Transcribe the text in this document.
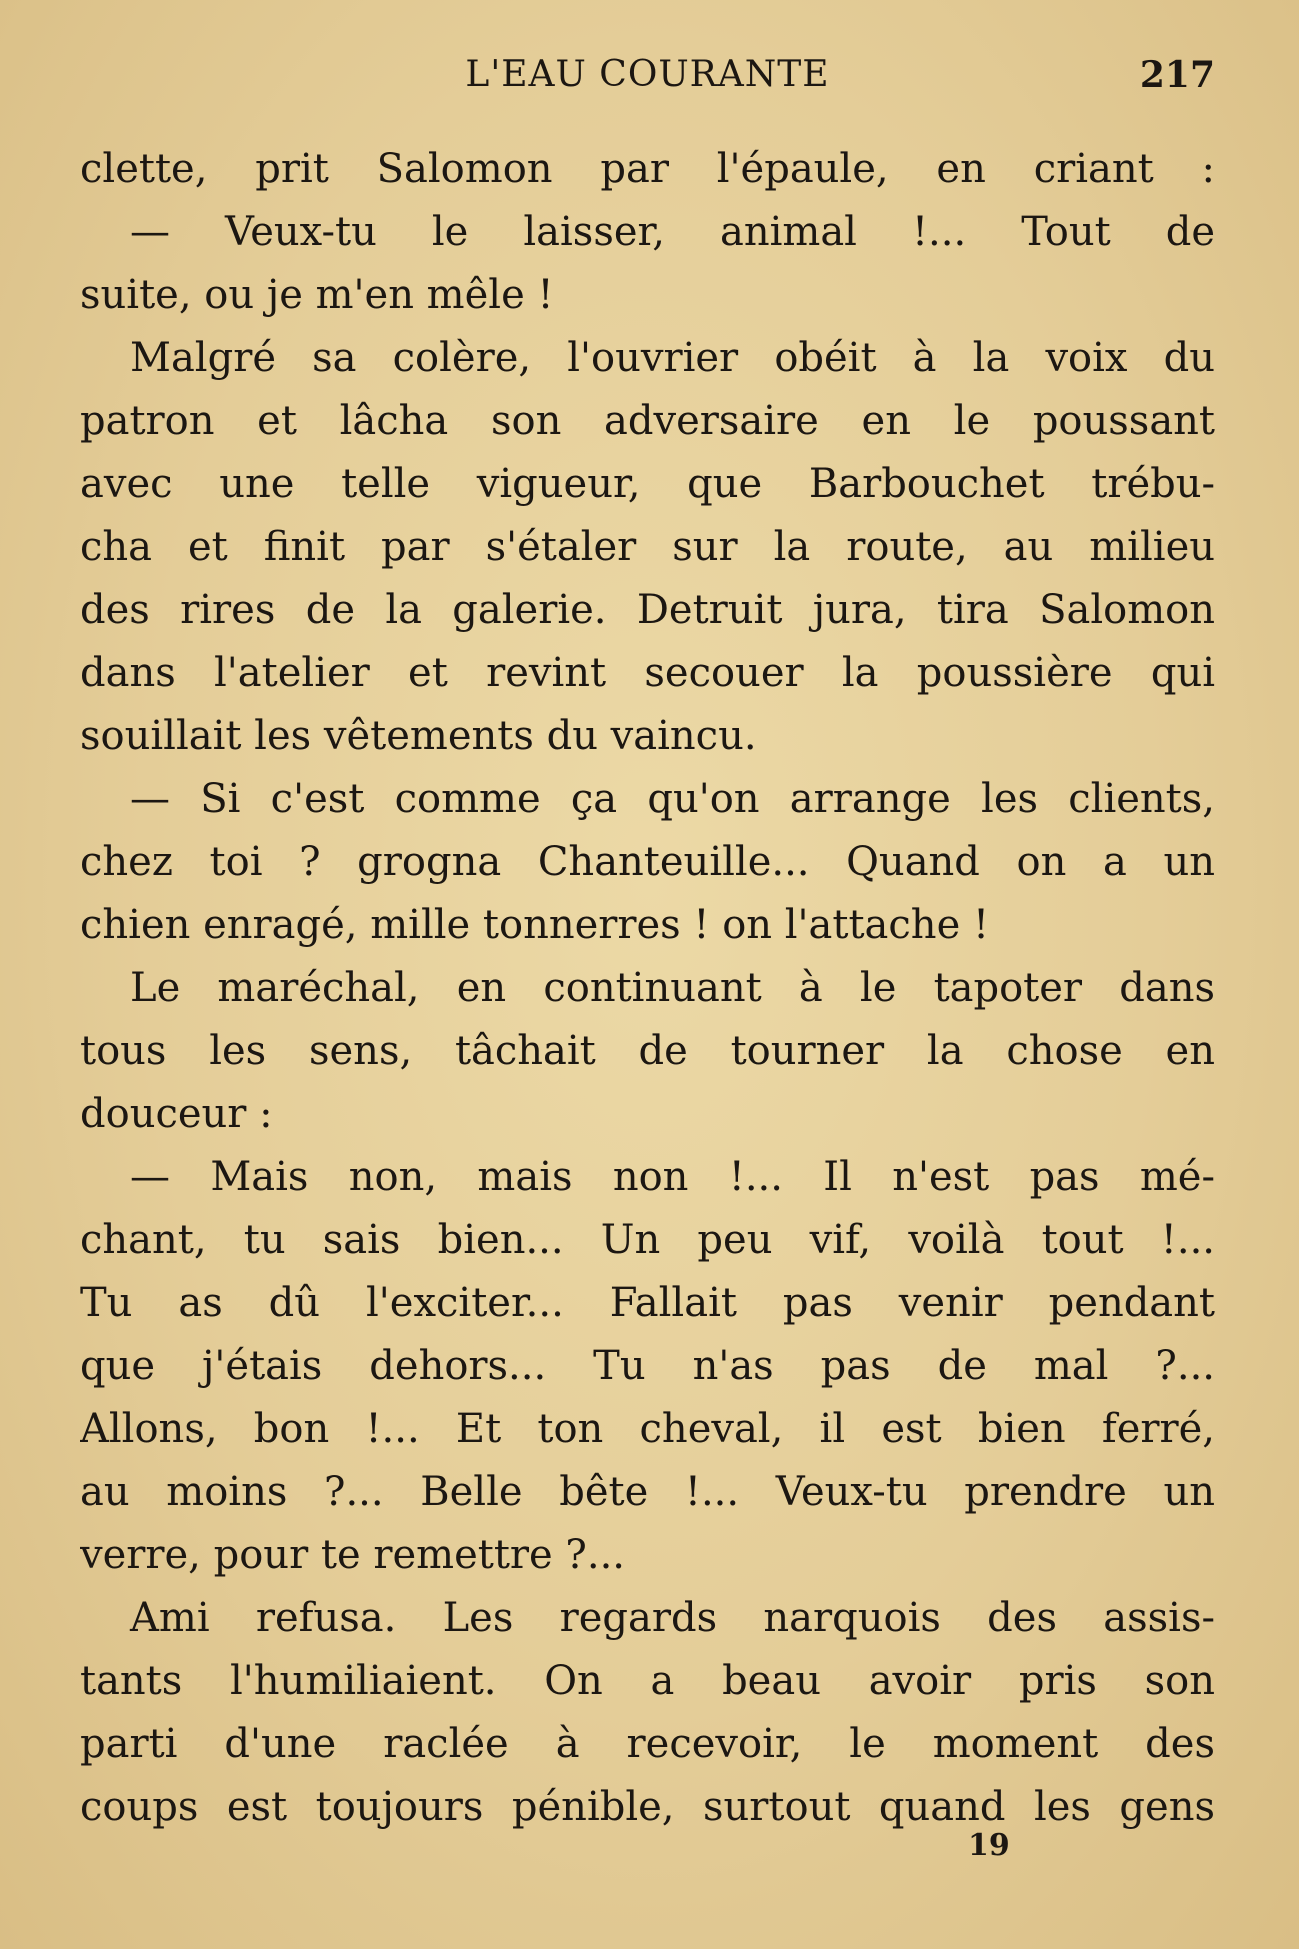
L'EAU COURANTE	217
clette, prit Salomon par l'épaule, en criant :
— Veux-tu le laisser, animal !... Tout de
suite, ou je m'en mêle !
Malgré sa colère, l'ouvrier obéit à la voix du
patron et lâcha son adversaire en le poussant
avec une telle vigueur, que Barbouchet trébu-
cha et finit par s'étaler sur la route, au milieu
des rires de la galerie. Detruit jura, tira Salomon
dans l'atelier et revint secouer la poussière qui
souillait les vêtements du vaincu.
— Si c'est comme ça qu'on arrange les clients,
chez toi ? grogna Chanteuille... Quand on a un
chien enragé, mille tonnerres ! on l'attache !
Le maréchal, en continuant à le tapoter dans
tous les sens, tâchait de tourner la chose en
douceur :
— Mais non, mais non !... Il n'est pas mé-
chant, tu sais bien... Un peu vif, voilà tout !...
Tu as dû l'exciter... Fallait pas venir pendant
que j'étais dehors... Tu n'as pas de mal ?...
Allons, bon !... Et ton cheval, il est bien ferré,
au moins ?... Belle bête !... Veux-tu prendre un
verre, pour te remettre ?...
Ami refusa. Les regards narquois des assis-
tants l'humiliaient. On a beau avoir pris son
parti d'une raclée à recevoir, le moment des
coups est toujours pénible, surtout quand les gens
19
